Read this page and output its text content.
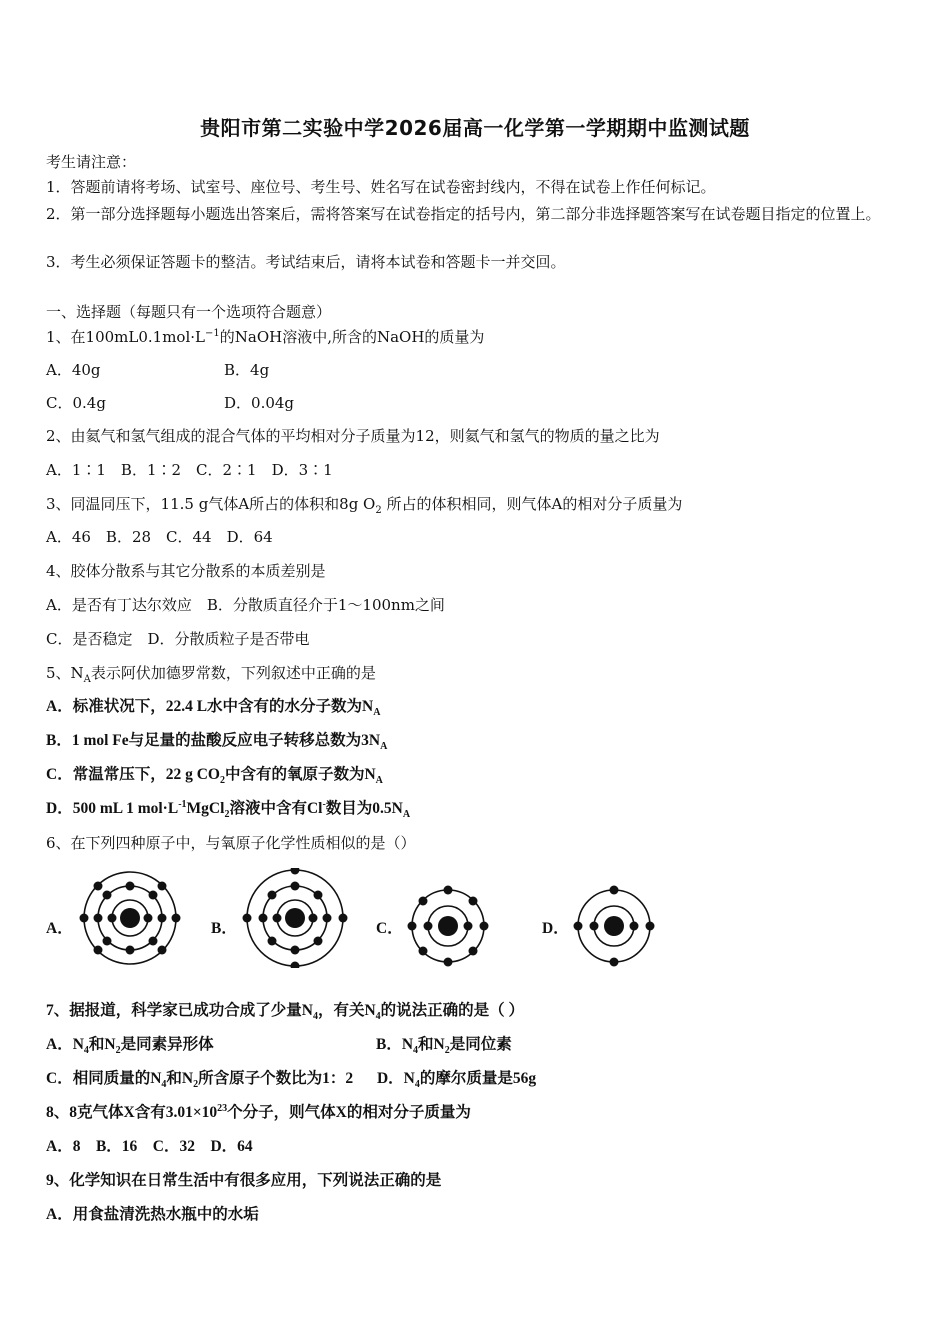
贵阳市第二实验中学2026届高一化学第一学期期中监测试题
考生请注意：
1．答题前请将考场、试室号、座位号、考生号、姓名写在试卷密封线内，不得在试卷上作任何标记。
2．第一部分选择题每小题选出答案后，需将答案写在试卷指定的括号内，第二部分非选择题答案写在试卷题目指定的位置上。
3．考生必须保证答题卡的整洁。考试结束后，请将本试卷和答题卡一并交回。
一、选择题（每题只有一个选项符合题意）
1、在$100mL0.1mol\cdot L^{-1}$的NaOH溶液中,所含的NaOH的质量为
A．40g	B．4g
C．0.4g	D．0.04g
2、由氦气和氢气组成的混合气体的平均相对分子质量为12，则氦气和氢气的物质的量之比为
A．1∶1　B．1∶2　C．2∶1　D．3∶1
3、同温同压下，11.5 g气体A所占的体积和8g $O_2$ 所占的体积相同，则气体A的相对分子质量为
A．46　B．28　C．44　D．64
4、胶体分散系与其它分散系的本质差别是
A．是否有丁达尔效应　B．分散质直径介于1～100nm之间
C．是否稳定　D．分散质粒子是否带电
5、$N_A$表示阿伏加德罗常数，下列叙述中正确的是
A．标准状况下，22.4 L水中含有的水分子数为$N_A$
B．1 mol Fe与足量的盐酸反应电子转移总数为$3N_A$
C．常温常压下，22 g $CO_2$中含有的氧原子数为$N_A$
D．500 mL 1 $mol\cdot L^{-1}MgCl_2$溶液中含有Cl-数目为$0.5N_A$
6、在下列四种原子中，与氧原子化学性质相似的是（）
A．	B．	C．	D．
7、据报道，科学家已成功合成了少量$N_4$，有关$N_4$的说法正确的是（ ）
A．$N_4$和$N_2$是同素异形体	B．$N_4$和$N_2$是同位素
C．相同质量的$N_4$和$N_2$所含原子个数比为1：2 D．$N_4$的摩尔质量是56g
8、8克气体X含有$3.01\times 10^{23}$个分子，则气体X的相对分子质量为
A．8　B．16　C．32　D．64
9、化学知识在日常生活中有很多应用，下列说法正确的是
A．用食盐清洗热水瓶中的水垢
